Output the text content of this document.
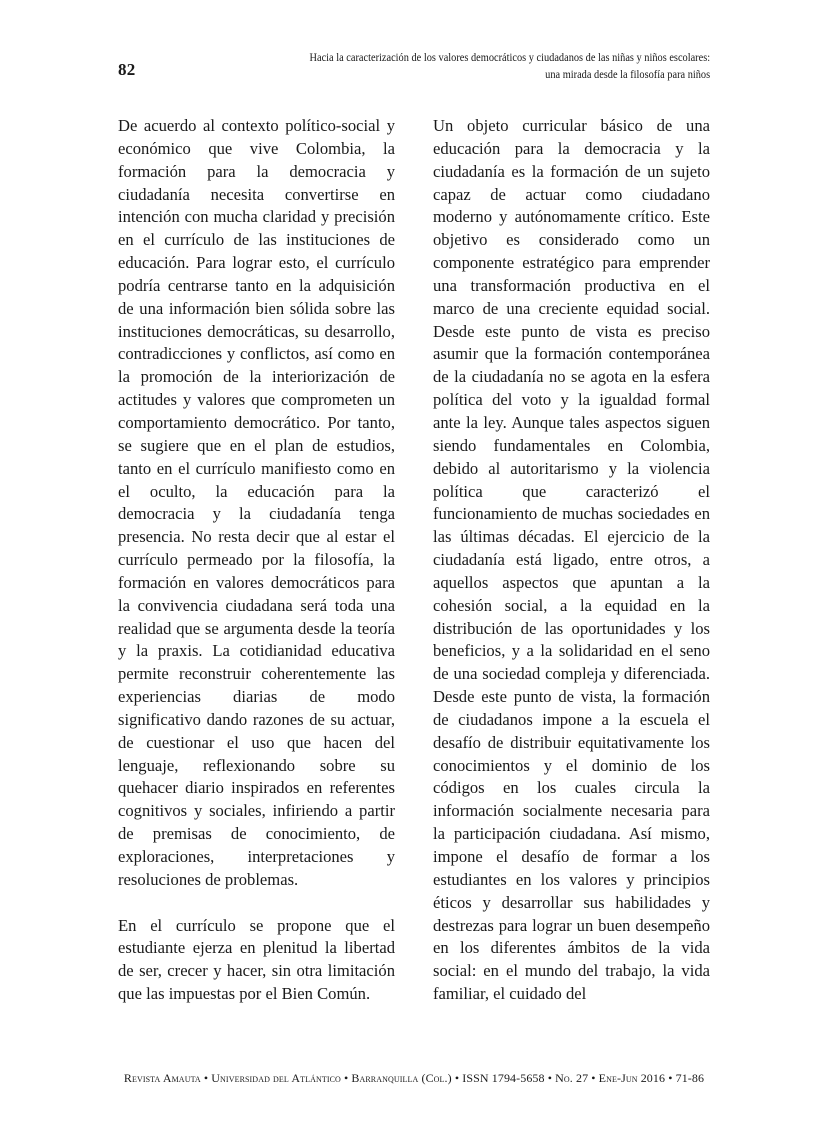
82
Hacia la caracterización de los valores democráticos y ciudadanos de las niñas y niños escolares:
una mirada desde la filosofía para niños

De acuerdo al contexto político-social y económico que vive Colombia, la formación para la democracia y ciudadanía necesita convertirse en intención con mucha claridad y precisión en el currículo de las instituciones de educación. Para lograr esto, el currículo podría centrarse tanto en la adquisición de una información bien sólida sobre las instituciones democráticas, su desarrollo, contradicciones y conflictos, así como en la promoción de la interiorización de actitudes y valores que comprometen un comportamiento democrático. Por tanto, se sugiere que en el plan de estudios, tanto en el currículo manifiesto como en el oculto, la educación para la democracia y la ciudadanía tenga presencia. No resta decir que al estar el currículo permeado por la filosofía, la formación en valores democráticos para la convivencia ciudadana será toda una realidad que se argumenta desde la teoría y la praxis. La cotidianidad educativa permite reconstruir coherentemente las experiencias diarias de modo significativo dando razones de su actuar, de cuestionar el uso que hacen del lenguaje, reflexionando sobre su quehacer diario inspirados en referentes cognitivos y sociales, infiriendo a partir de premisas de conocimiento, de exploraciones, interpretaciones y resoluciones de problemas.

En el currículo se propone que el estudiante ejerza en plenitud la libertad de ser, crecer y hacer, sin otra limitación que las impuestas por el Bien Común.

Un objeto curricular básico de una educación para la democracia y la ciudadanía es la formación de un sujeto capaz de actuar como ciudadano moderno y autónomamente crítico. Este objetivo es considerado como un componente estratégico para emprender una transformación productiva en el marco de una creciente equidad social. Desde este punto de vista es preciso asumir que la formación contemporánea de la ciudadanía no se agota en la esfera política del voto y la igualdad formal ante la ley. Aunque tales aspectos siguen siendo fundamentales en Colombia, debido al autoritarismo y la violencia política que caracterizó el funcionamiento de muchas sociedades en las últimas décadas. El ejercicio de la ciudadanía está ligado, entre otros, a aquellos aspectos que apuntan a la cohesión social, a la equidad en la distribución de las oportunidades y los beneficios, y a la solidaridad en el seno de una sociedad compleja y diferenciada. Desde este punto de vista, la formación de ciudadanos impone a la escuela el desafío de distribuir equitativamente los conocimientos y el dominio de los códigos en los cuales circula la información socialmente necesaria para la participación ciudadana. Así mismo, impone el desafío de formar a los estudiantes en los valores y principios éticos y desarrollar sus habilidades y destrezas para lograr un buen desempeño en los diferentes ámbitos de la vida social: en el mundo del trabajo, la vida familiar, el cuidado del

Revista Amauta • Universidad del Atlántico • Barranquilla (Col.) • ISSN 1794-5658 • No. 27 • Ene-Jun 2016 • 71-86
